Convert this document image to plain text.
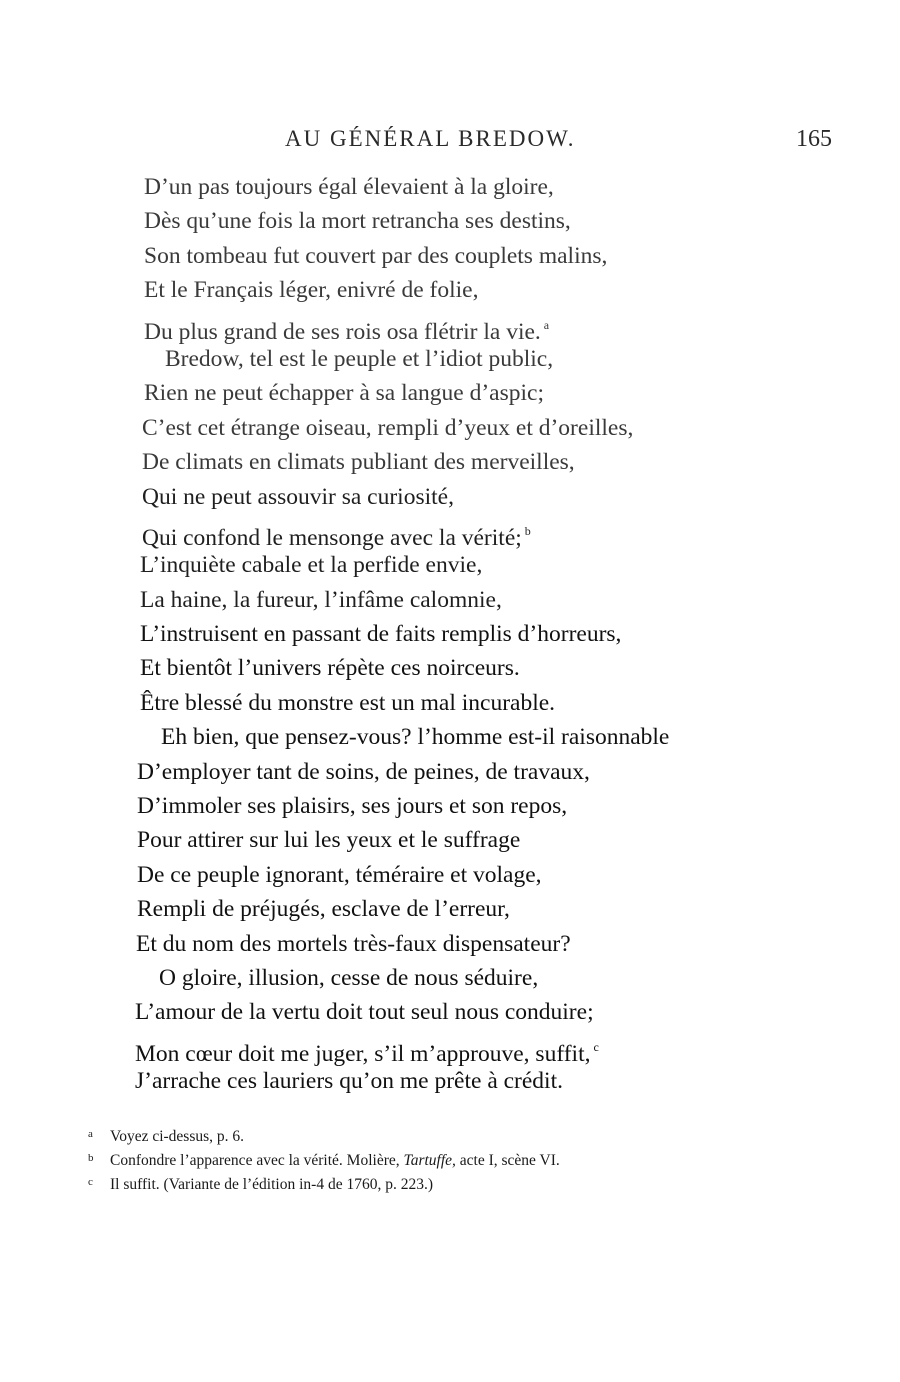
AU GÉNÉRAL BREDOW.	165
D’un pas toujours égal élevaient à la gloire,
Dès qu’une fois la mort retrancha ses destins,
Son tombeau fut couvert par des couplets malins,
Et le Français léger, enivré de folie,
Du plus grand de ses rois osa flétrir la vie. $^a$
Bredow, tel est le peuple et l’idiot public,
Rien ne peut échapper à sa langue d’aspic;
C’est cet étrange oiseau, rempli d’yeux et d’oreilles,
De climats en climats publiant des merveilles,
Qui ne peut assouvir sa curiosité,
Qui confond le mensonge avec la vérité; $^b$
L’inquiète cabale et la perfide envie,
La haine, la fureur, l’infâme calomnie,
L’instruisent en passant de faits remplis d’horreurs,
Et bientôt l’univers répète ces noirceurs.
Être blessé du monstre est un mal incurable.
Eh bien, que pensez-vous? l’homme est-il raisonnable
D’employer tant de soins, de peines, de travaux,
D’immoler ses plaisirs, ses jours et son repos,
Pour attirer sur lui les yeux et le suffrage
De ce peuple ignorant, téméraire et volage,
Rempli de préjugés, esclave de l’erreur,
Et du nom des mortels très-faux dispensateur?
O gloire, illusion, cesse de nous séduire,
L’amour de la vertu doit tout seul nous conduire;
Mon cœur doit me juger, s’il m’approuve, suffit, $^c$
J’arrache ces lauriers qu’on me prête à crédit.
a Voyez ci-dessus, p. 6.
b Confondre l’apparence avec la vérité. Molière, Tartuffe, acte I, scène VI.
c Il suffit. (Variante de l’édition in-4 de 1760, p. 223.)
